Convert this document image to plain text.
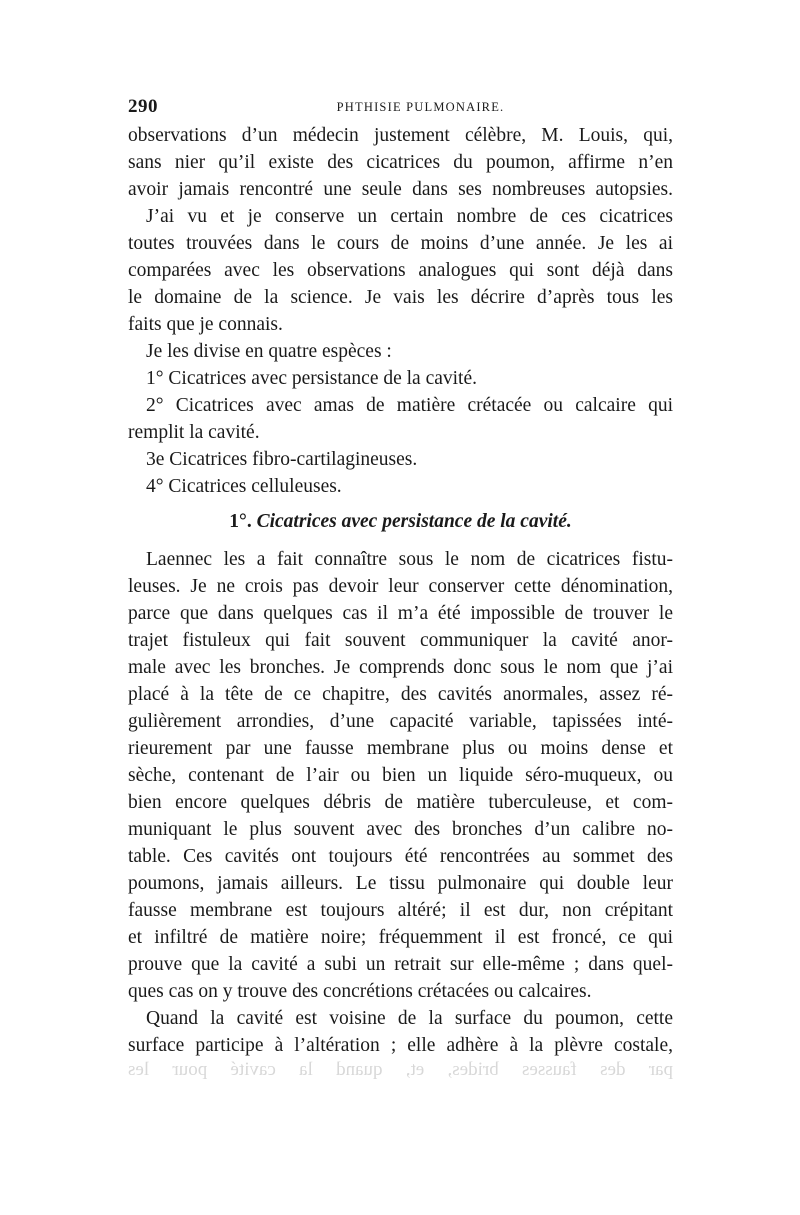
290	PHTHISIE PULMONAIRE.
observations d’un médecin justement célèbre, M. Louis, qui,
sans nier qu’il existe des cicatrices du poumon, affirme n’en
avoir jamais rencontré une seule dans ses nombreuses autopsies.
J’ai vu et je conserve un certain nombre de ces cicatrices
toutes trouvées dans le cours de moins d’une année. Je les ai
comparées avec les observations analogues qui sont déjà dans
le domaine de la science. Je vais les décrire d’après tous les
faits que je connais.
Je les divise en quatre espèces :
1° Cicatrices avec persistance de la cavité.
2° Cicatrices avec amas de matière crétacée ou calcaire qui
remplit la cavité.
3e Cicatrices fibro-cartilagineuses.
4° Cicatrices celluleuses.
1°. Cicatrices avec persistance de la cavité.
Laennec les a fait connaître sous le nom de cicatrices fistu-
leuses. Je ne crois pas devoir leur conserver cette dénomination,
parce que dans quelques cas il m’a été impossible de trouver le
trajet fistuleux qui fait souvent communiquer la cavité anor-
male avec les bronches. Je comprends donc sous le nom que j’ai
placé à la tête de ce chapitre, des cavités anormales, assez ré-
gulièrement arrondies, d’une capacité variable, tapissées inté-
rieurement par une fausse membrane plus ou moins dense et
sèche, contenant de l’air ou bien un liquide séro-muqueux, ou
bien encore quelques débris de matière tuberculeuse, et com-
muniquant le plus souvent avec des bronches d’un calibre no-
table. Ces cavités ont toujours été rencontrées au sommet des
poumons, jamais ailleurs. Le tissu pulmonaire qui double leur
fausse membrane est toujours altéré; il est dur, non crépitant
et infiltré de matière noire; fréquemment il est froncé, ce qui
prouve que la cavité a subi un retrait sur elle-même ; dans quel-
ques cas on y trouve des concrétions crétacées ou calcaires.
Quand la cavité est voisine de la surface du poumon, cette
surface participe à l’altération ; elle adhère à la plèvre costale,
par des fausses brides, et, quand la cavité pour les
